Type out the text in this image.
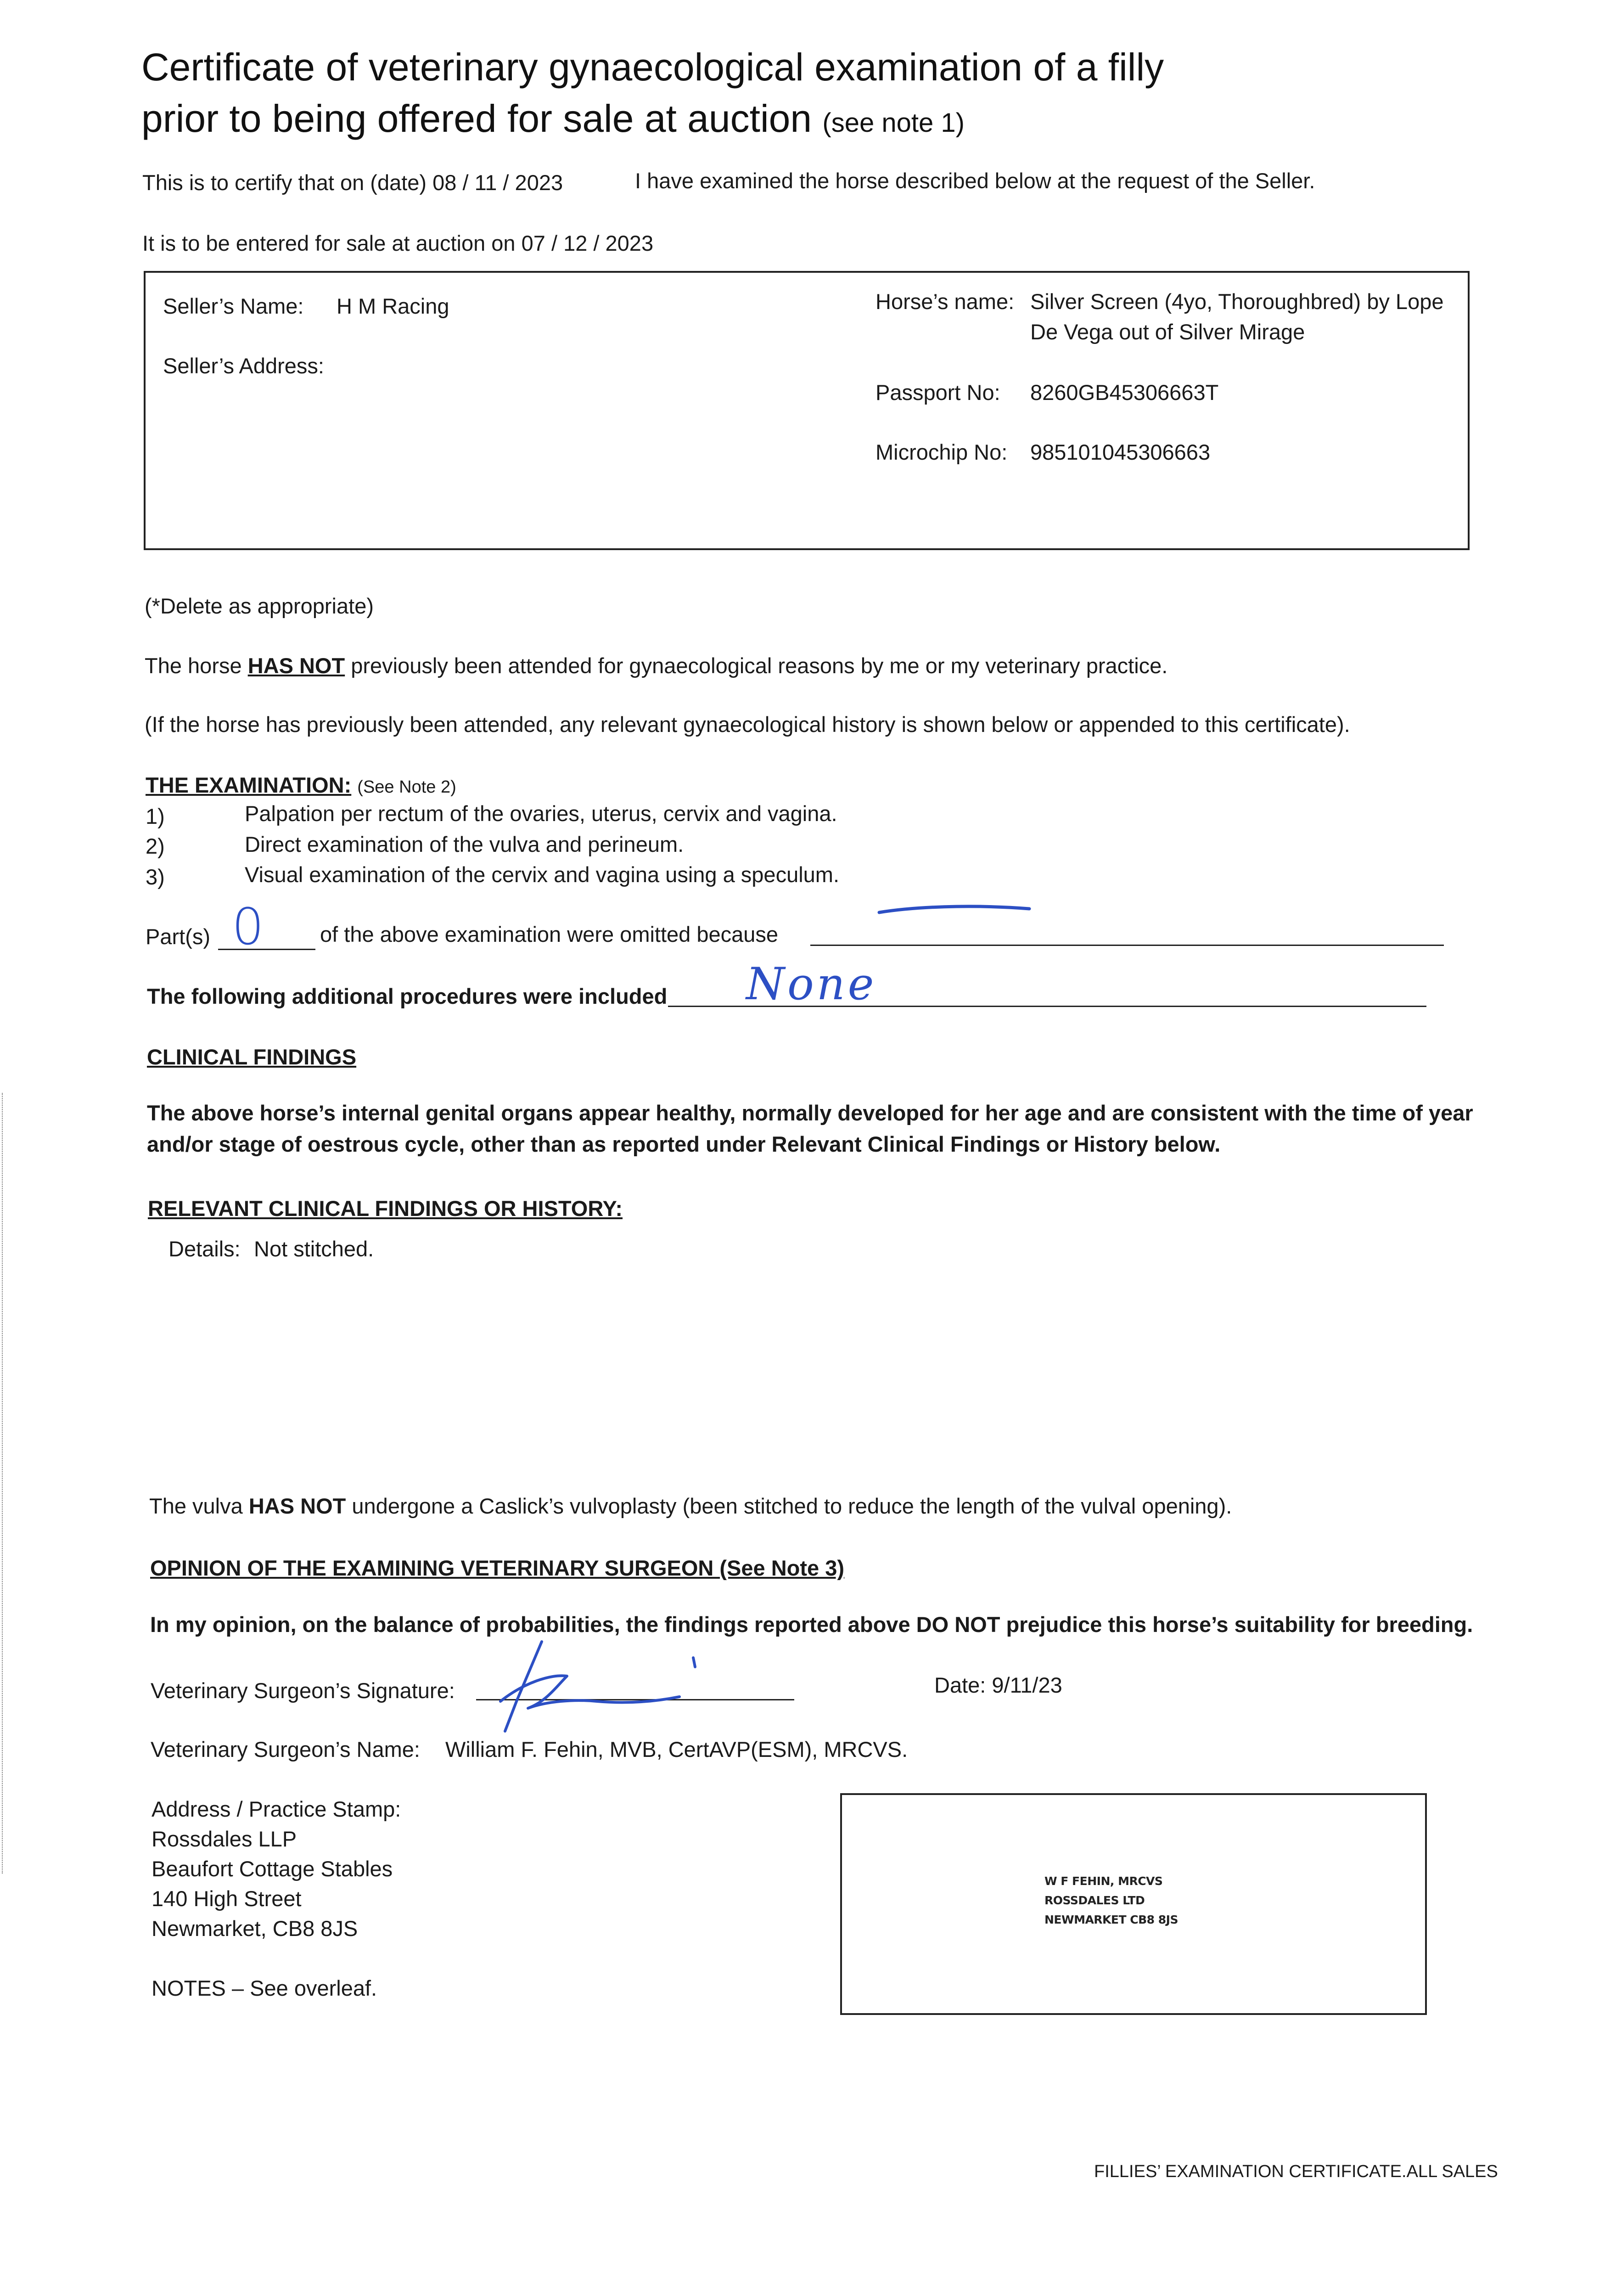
Certificate of veterinary gynaecological examination of a filly
prior to being offered for sale at auction (see note 1)
This is to certify that on (date) 08 / 11 / 2023	I have examined the horse described below at the request of the Seller.
It is to be entered for sale at auction on 07 / 12 / 2023
Seller’s Name: H M Racing
Seller’s Address:
Horse’s name: Silver Screen (4yo, Thoroughbred) by Lope
De Vega out of Silver Mirage
Passport No: 8260GB45306663T
Microchip No: 985101045306663
(*Delete as appropriate)
The horse HAS NOT previously been attended for gynaecological reasons by me or my veterinary practice.
(If the horse has previously been attended, any relevant gynaecological history is shown below or appended to this certificate).
THE EXAMINATION: (See Note 2)
1)	Palpation per rectum of the ovaries, uterus, cervix and vagina.
2)	Direct examination of the vulva and perineum.
3)	Visual examination of the cervix and vagina using a speculum.
Part(s) 0	of the above examination were omitted because
The following additional procedures were included None
CLINICAL FINDINGS
The above horse’s internal genital organs appear healthy, normally developed for her age and are consistent with the time of year
and/or stage of oestrous cycle, other than as reported under Relevant Clinical Findings or History below.
RELEVANT CLINICAL FINDINGS OR HISTORY:
Details: Not stitched.
The vulva HAS NOT undergone a Caslick’s vulvoplasty (been stitched to reduce the length of the vulval opening).
OPINION OF THE EXAMINING VETERINARY SURGEON (See Note 3)
In my opinion, on the balance of probabilities, the findings reported above DO NOT prejudice this horse’s suitability for breeding.
Veterinary Surgeon’s Signature:	Date: 9/11/23
Veterinary Surgeon’s Name: William F. Fehin, MVB, CertAVP(ESM), MRCVS.
Address / Practice Stamp:
Rossdales LLP
Beaufort Cottage Stables
140 High Street
Newmarket, CB8 8JS
NOTES – See overleaf.
W F FEHIN, MRCVS
ROSSDALES LTD
NEWMARKET CB8 8JS
FILLIES’ EXAMINATION CERTIFICATE.ALL SALES
